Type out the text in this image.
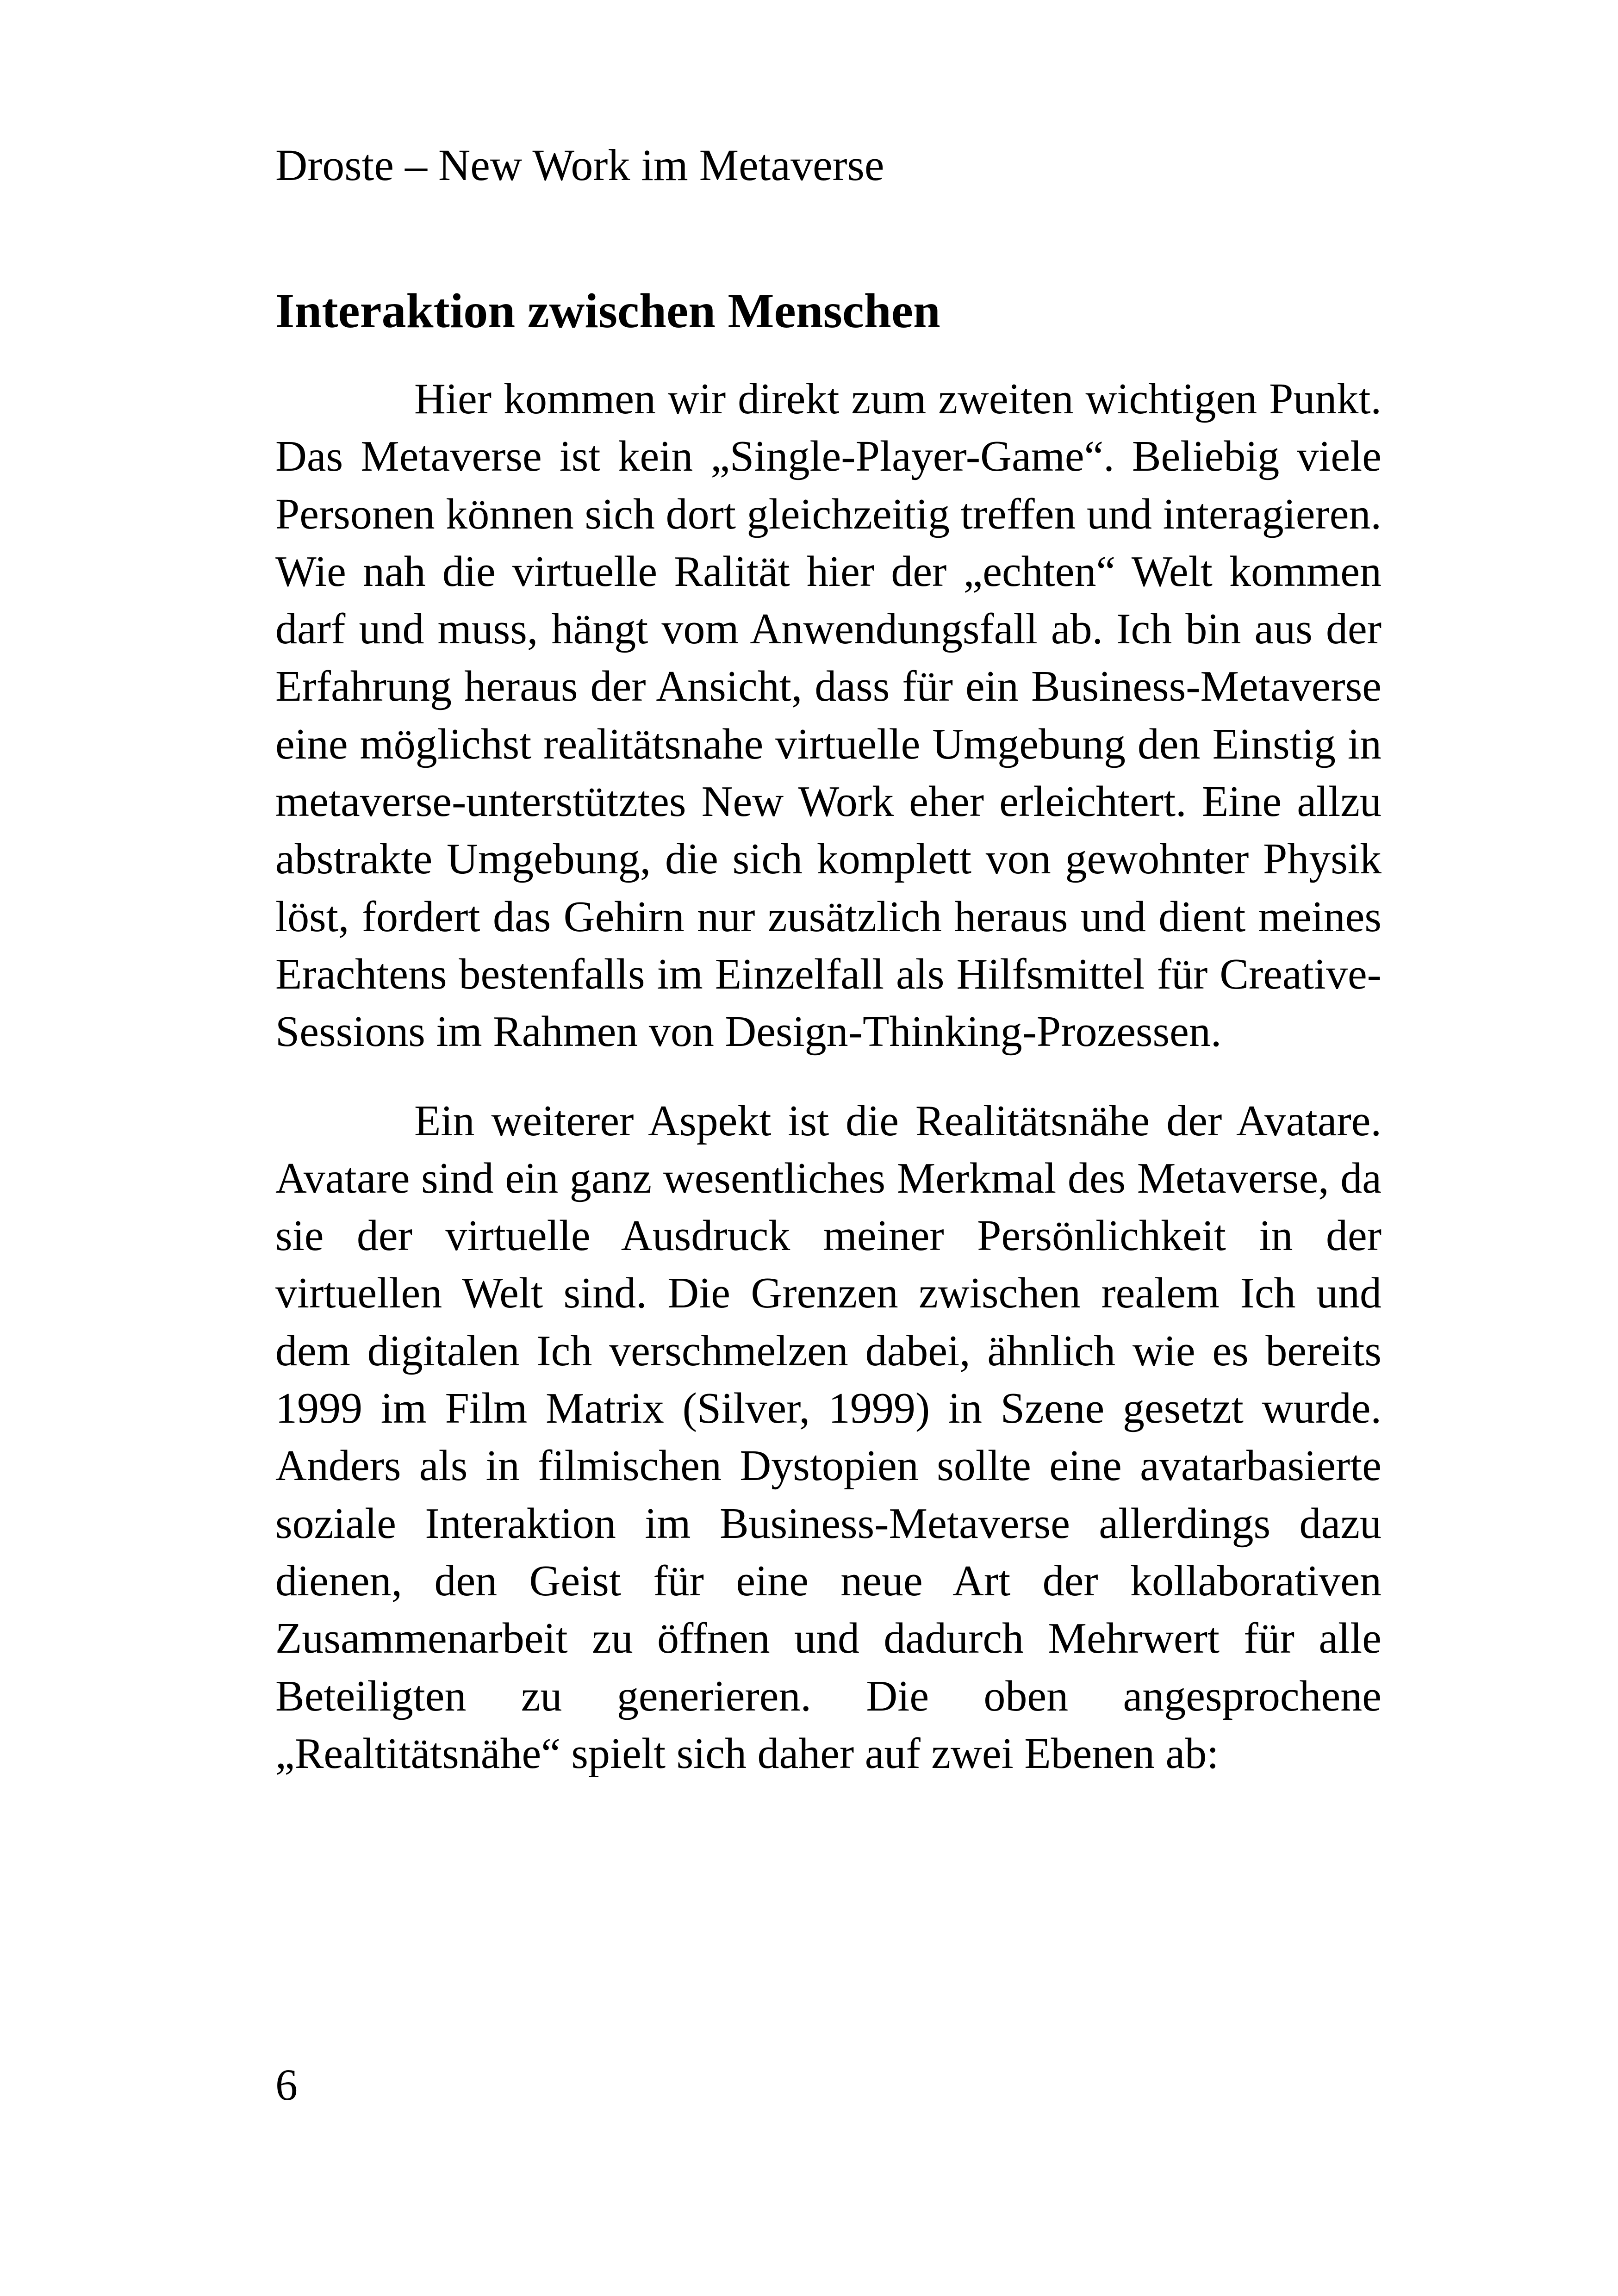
Droste – New Work im Metaverse
Interaktion zwischen Menschen

Hier kommen wir direkt zum zweiten wichtigen Punkt. Das Metaverse ist kein „Single-Player-Game“. Beliebig viele Personen können sich dort gleichzeitig treffen und interagieren. Wie nah die virtuelle Ralität hier der „echten“ Welt kommen darf und muss, hängt vom Anwendungsfall ab. Ich bin aus der Erfahrung heraus der Ansicht, dass für ein Business-Metaverse eine möglichst realitätsnahe virtuelle Umgebung den Einstig in metaverse-unterstütztes New Work eher erleichtert. Eine allzu abstrakte Umgebung, die sich komplett von gewohnter Physik löst, fordert das Gehirn nur zusätzlich heraus und dient meines Erachtens bestenfalls im Einzelfall als Hilfsmittel für Creative-Sessions im Rahmen von Design-Thinking-Prozessen.

Ein weiterer Aspekt ist die Realitätsnähe der Avatare. Avatare sind ein ganz wesentliches Merkmal des Metaverse, da sie der virtuelle Ausdruck meiner Persönlichkeit in der virtuellen Welt sind. Die Grenzen zwischen realem Ich und dem digitalen Ich verschmelzen dabei, ähnlich wie es bereits 1999 im Film Matrix (Silver, 1999) in Szene gesetzt wurde. Anders als in filmischen Dystopien sollte eine avatarbasierte soziale Interaktion im Business-Metaverse allerdings dazu dienen, den Geist für eine neue Art der kollaborativen Zusammenarbeit zu öffnen und dadurch Mehrwert für alle Beteiligten zu generieren. Die oben angesprochene „Realtitätsnähe“ spielt sich daher auf zwei Ebenen ab:

6
